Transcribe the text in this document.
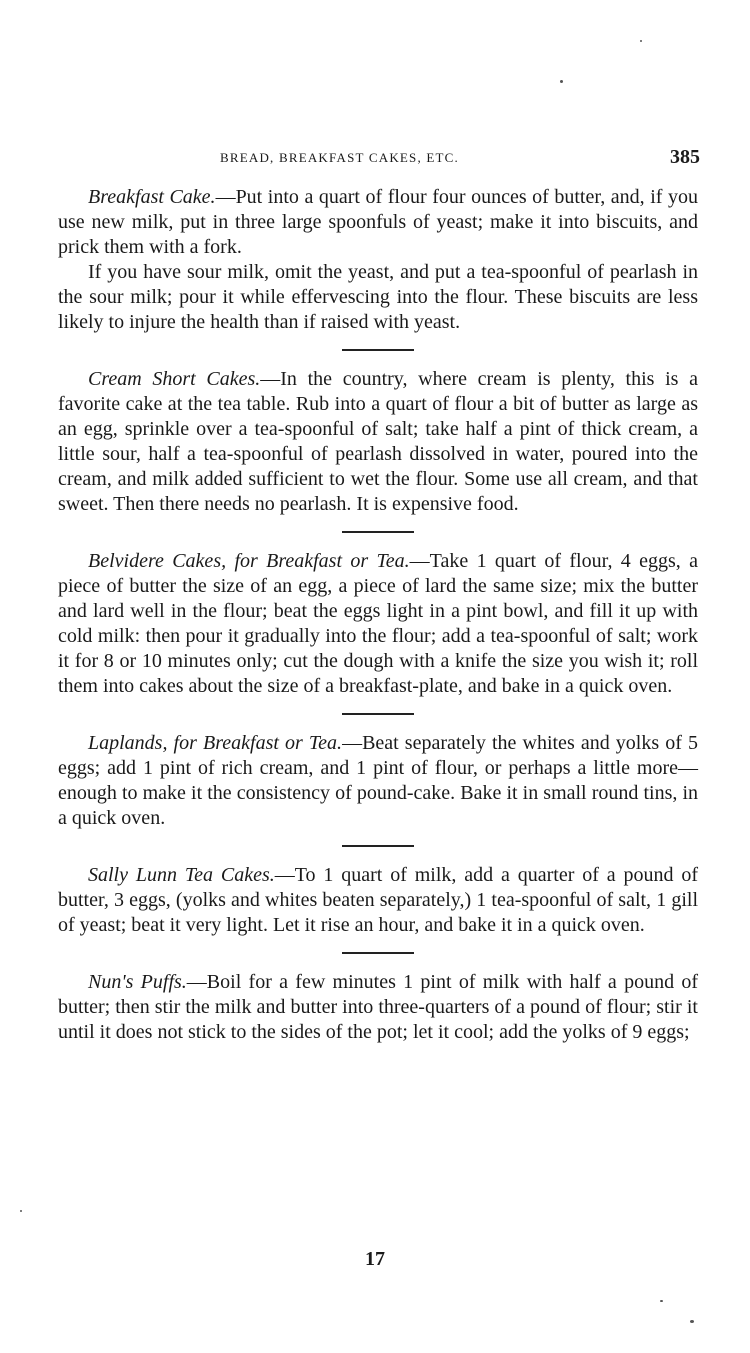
BREAD, BREAKFAST CAKES, ETC.	385

Breakfast Cake.—Put into a quart of flour four ounces of butter, and, if you use new milk, put in three large spoonfuls of yeast; make it into biscuits, and prick them with a fork.

If you have sour milk, omit the yeast, and put a tea-spoonful of pearlash in the sour milk; pour it while effervescing into the flour. These biscuits are less likely to injure the health than if raised with yeast.

Cream Short Cakes.—In the country, where cream is plenty, this is a favorite cake at the tea table. Rub into a quart of flour a bit of butter as large as an egg, sprinkle over a tea-spoonful of salt; take half a pint of thick cream, a little sour, half a tea-spoonful of pearlash dissolved in water, poured into the cream, and milk added sufficient to wet the flour. Some use all cream, and that sweet. Then there needs no pearlash. It is expensive food.

Belvidere Cakes, for Breakfast or Tea.—Take 1 quart of flour, 4 eggs, a piece of butter the size of an egg, a piece of lard the same size; mix the butter and lard well in the flour; beat the eggs light in a pint bowl, and fill it up with cold milk: then pour it gradually into the flour; add a tea-spoonful of salt; work it for 8 or 10 minutes only; cut the dough with a knife the size you wish it; roll them into cakes about the size of a breakfast-plate, and bake in a quick oven.

Laplands, for Breakfast or Tea.—Beat separately the whites and yolks of 5 eggs; add 1 pint of rich cream, and 1 pint of flour, or perhaps a little more—enough to make it the consistency of pound-cake. Bake it in small round tins, in a quick oven.

Sally Lunn Tea Cakes.—To 1 quart of milk, add a quarter of a pound of butter, 3 eggs, (yolks and whites beaten separately,) 1 tea-spoonful of salt, 1 gill of yeast; beat it very light. Let it rise an hour, and bake it in a quick oven.

Nun's Puffs.—Boil for a few minutes 1 pint of milk with half a pound of butter; then stir the milk and butter into three-quarters of a pound of flour; stir it until it does not stick to the sides of the pot; let it cool; add the yolks of 9 eggs;

17
